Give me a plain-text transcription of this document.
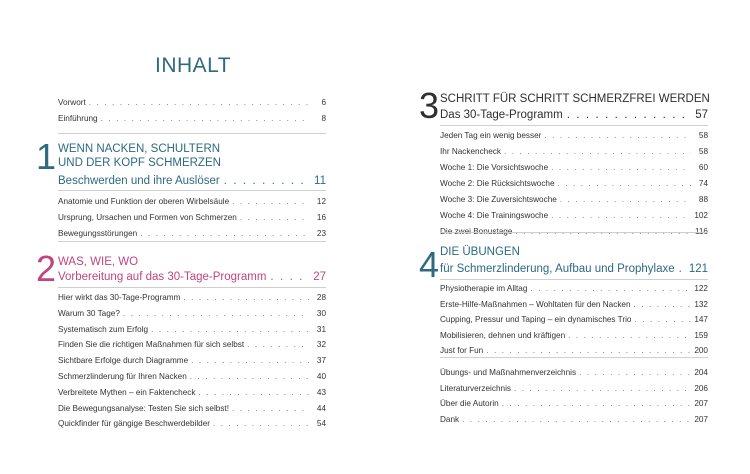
INHALT
Vorwort . . .	6
Einführung . . .	8
1 WENN NACKEN, SCHULTERN
UND DER KOPF SCHMERZEN
Beschwerden und ihre Auslöser . . .	11
Anatomie und Funktion der oberen Wirbelsäule . . .	12
Ursprung, Ursachen und Formen von Schmerzen . . .	16
Bewegungsstörungen . . .	23
2 WAS, WIE, WO
Vorbereitung auf das 30-Tage-Programm . . .	27
Hier wirkt das 30-Tage-Programm . . .	28
Warum 30 Tage? . . .	30
Systematisch zum Erfolg . . .	31
Finden Sie die richtigen Maßnahmen für sich selbst . . .	32
Sichtbare Erfolge durch Diagramme . . .	37
Schmerzlinderung für Ihren Nacken . . .	40
Verbreitete Mythen – ein Faktencheck . . .	43
Die Bewegungsanalyse: Testen Sie sich selbst! . . .	44
Quickfinder für gängige Beschwerdebilder . . .	54
3 SCHRITT FÜR SCHRITT SCHMERZFREI WERDEN
Das 30-Tage-Programm . . .	57
Jeden Tag ein wenig besser . . .	58
Ihr Nackencheck . . .	58
Woche 1: Die Vorsichtswoche . . .	60
Woche 2: Die Rücksichtswoche . . .	74
Woche 3: Die Zuversichtswoche . . .	88
Woche 4: Die Trainingswoche . . .	102
Die zwei Bonustage . . .	116
4 DIE ÜBUNGEN
für Schmerzlinderung, Aufbau und Prophylaxe . . . 121
Physiotherapie im Alltag . . .	122
Erste-Hilfe-Maßnahmen – Wohltaten für den Nacken . . .	132
Cupping, Pressur und Taping – ein dynamisches Trio . . .	147
Mobilisieren, dehnen und kräftigen . . .	159
Just for Fun . . .	200
Übungs- und Maßnahmenverzeichnis . . .	204
Literaturverzeichnis . . .	206
Über die Autorin . . .	207
Dank . . .	207
